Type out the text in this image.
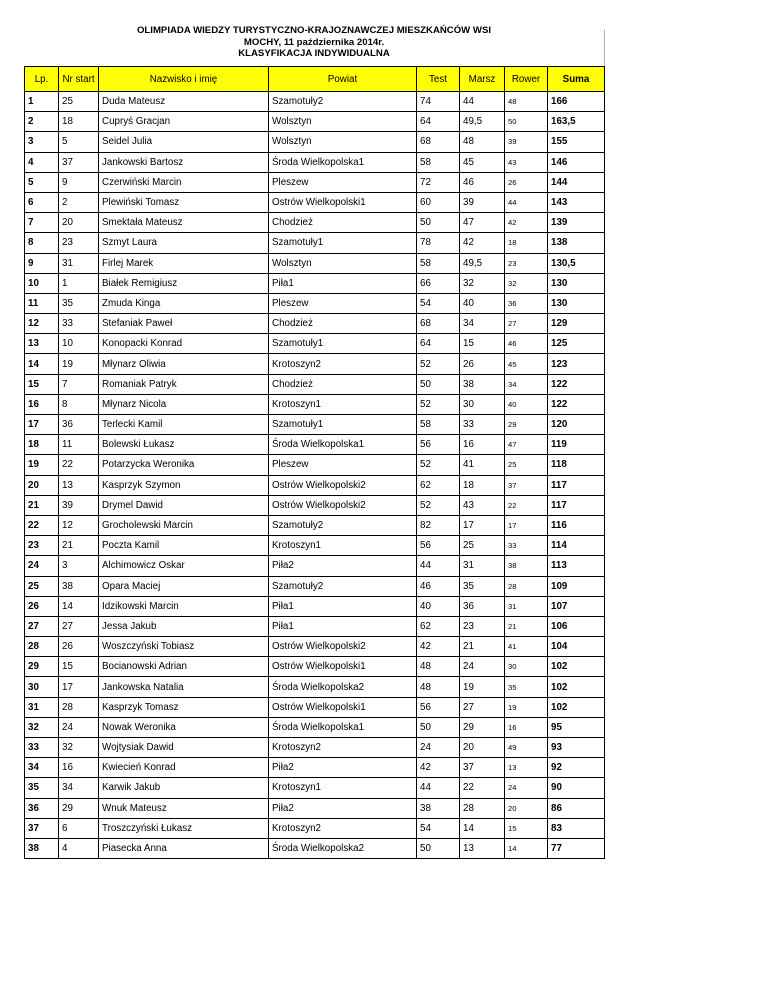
OLIMPIADA WIEDZY TURYSTYCZNO-KRAJOZNAWCZEJ MIESZKAŃCÓW WSI
MOCHY, 11 października 2014r.
KLASYFIKACJA INDYWIDUALNA
Lp.	Nr start	Nazwisko i imię	Powiat	Test	Marsz	Rower	Suma
1	25	Duda Mateusz	Szamotuły2	74	44	48	166
2	18	Cupryś Gracjan	Wolsztyn	64	49,5	50	163,5
3	5	Seidel Julia	Wolsztyn	68	48	39	155
4	37	Jankowski Bartosz	Środa Wielkopolska1	58	45	43	146
5	9	Czerwiński Marcin	Pleszew	72	46	26	144
6	2	Plewiński Tomasz	Ostrów Wielkopolski1	60	39	44	143
7	20	Smektała Mateusz	Chodzież	50	47	42	139
8	23	Szmyt Laura	Szamotuły1	78	42	18	138
9	31	Firlej Marek	Wolsztyn	58	49,5	23	130,5
10	1	Białek Remigiusz	Piła1	66	32	32	130
11	35	Zmuda Kinga	Pleszew	54	40	36	130
12	33	Stefaniak Paweł	Chodzież	68	34	27	129
13	10	Konopacki Konrad	Szamotuły1	64	15	46	125
14	19	Młynarz Oliwia	Krotoszyn2	52	26	45	123
15	7	Romaniak Patryk	Chodzież	50	38	34	122
16	8	Młynarz Nicola	Krotoszyn1	52	30	40	122
17	36	Terlecki Kamil	Szamotuły1	58	33	29	120
18	11	Bolewski Łukasz	Środa Wielkopolska1	56	16	47	119
19	22	Potarzycka Weronika	Pleszew	52	41	25	118
20	13	Kasprzyk Szymon	Ostrów Wielkopolski2	62	18	37	117
21	39	Drymel Dawid	Ostrów Wielkopolski2	52	43	22	117
22	12	Grocholewski Marcin	Szamotuły2	82	17	17	116
23	21	Poczta Kamil	Krotoszyn1	56	25	33	114
24	3	Alchimowicz Oskar	Piła2	44	31	38	113
25	38	Opara Maciej	Szamotuły2	46	35	28	109
26	14	Idzikowski Marcin	Piła1	40	36	31	107
27	27	Jessa Jakub	Piła1	62	23	21	106
28	26	Woszczyński Tobiasz	Ostrów Wielkopolski2	42	21	41	104
29	15	Bocianowski Adrian	Ostrów Wielkopolski1	48	24	30	102
30	17	Jankowska Natalia	Środa Wielkopolska2	48	19	35	102
31	28	Kasprzyk Tomasz	Ostrów Wielkopolski1	56	27	19	102
32	24	Nowak Weronika	Środa Wielkopolska1	50	29	16	95
33	32	Wojtysiak Dawid	Krotoszyn2	24	20	49	93
34	16	Kwiecień Konrad	Piła2	42	37	13	92
35	34	Karwik Jakub	Krotoszyn1	44	22	24	90
36	29	Wnuk Mateusz	Piła2	38	28	20	86
37	6	Troszczyński Łukasz	Krotoszyn2	54	14	15	83
38	4	Piasecka Anna	Środa Wielkopolska2	50	13	14	77
